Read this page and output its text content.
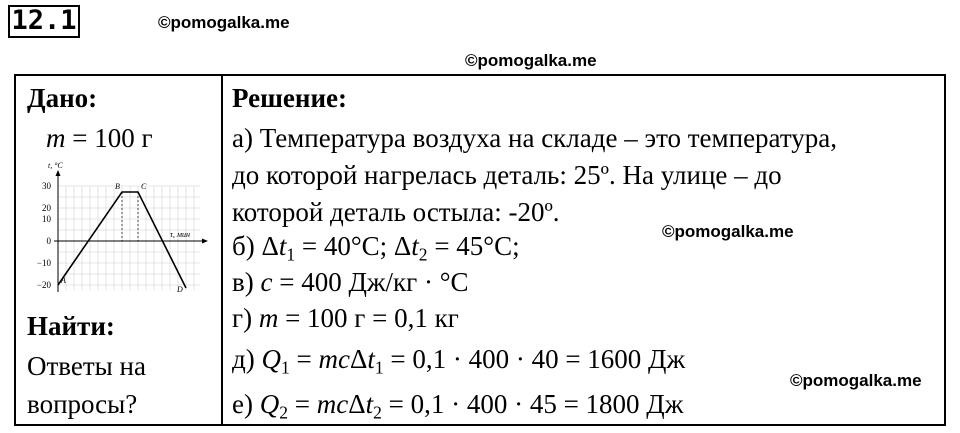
12.1	©pomogalka.me
©pomogalka.me
©pomogalka.me
©pomogalka.me
Дано:
m = 100 г
t, °C
τ, мин
30
20
10
0
−10
−20 A
B	C
D
Найти:
Ответы на
вопросы?
Решение:
а) Температура воздуха на складе – это температура,
до которой нагрелась деталь: 25º. На улице – до
которой деталь остыла: -20º.
б) $\Delta t_1 = 40^\circ C$; $\Delta t_2 = 45^\circ C$;
в) c = 400 Дж/кг · °C
г) m = 100 г = 0,1 кг
д) $Q_1 = mc\Delta t_1 = 0,1 \cdot 400 \cdot 40 = 1600$ Дж
е) $Q_2 = mc\Delta t_2 = 0,1 \cdot 400 \cdot 45 = 1800$ Дж
